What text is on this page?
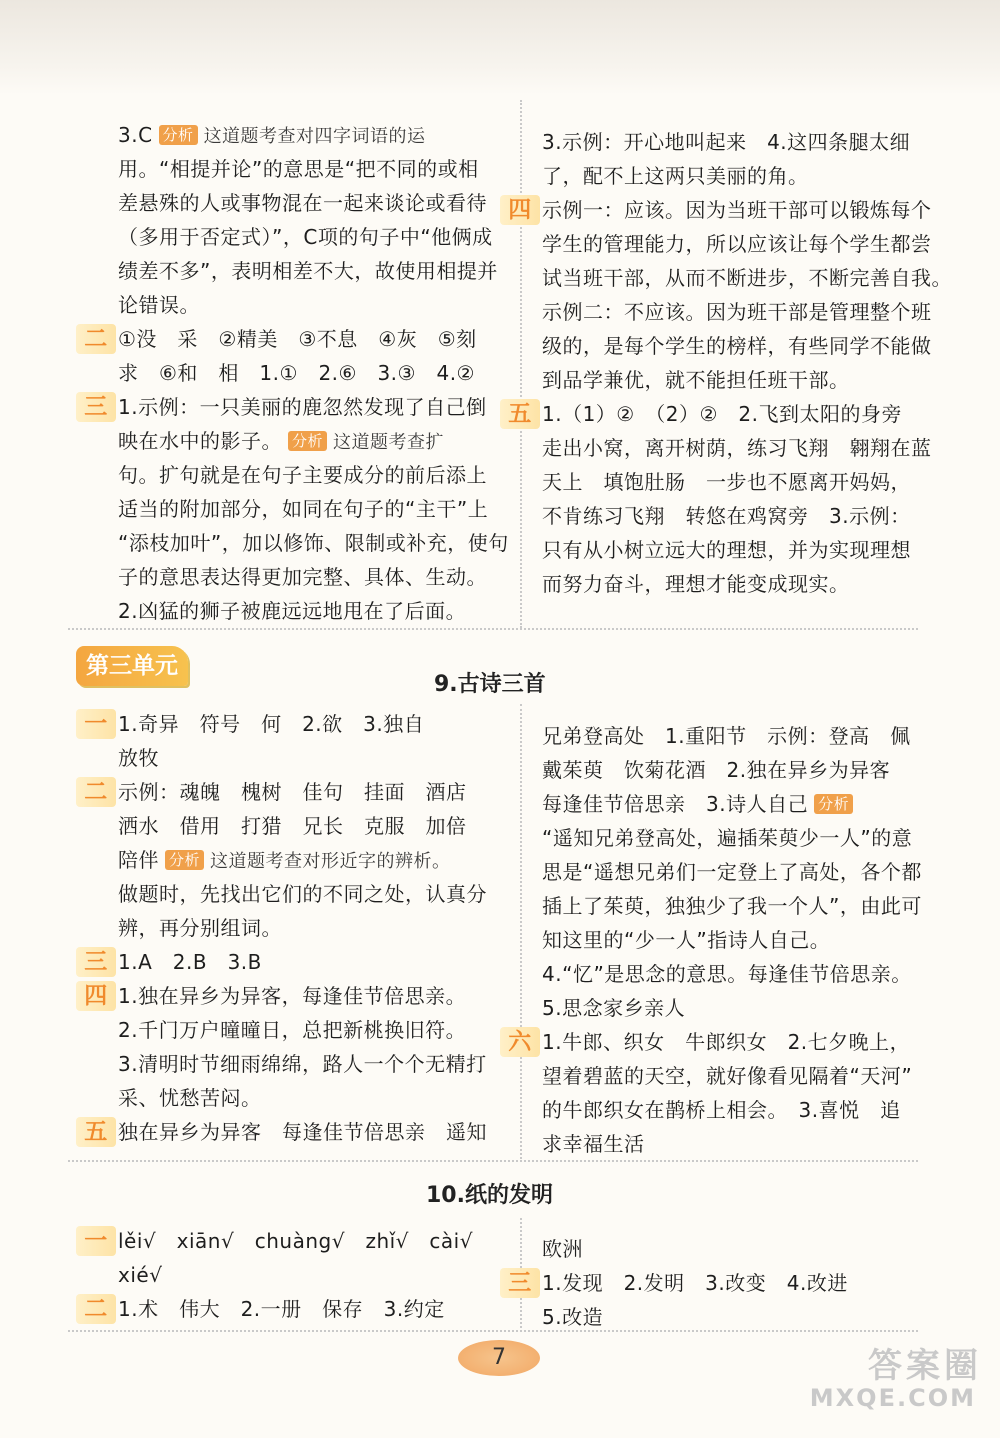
3.C 分析 这道题考查对四字词语的运
用。“相提并论”的意思是“把不同的或相
差悬殊的人或事物混在一起来谈论或看待
（多用于否定式）”，C项的句子中“他俩成
绩差不多”，表明相差不大，故使用相提并
论错误。
二 ①没　采　②精美　③不息　④灰　⑤刻
求　⑥和　相　1.①　2.⑥　3.③　4.②
三 1.示例：一只美丽的鹿忽然发现了自己倒
映在水中的影子。 分析 这道题考查扩
句。扩句就是在句子主要成分的前后添上
适当的附加部分，如同在句子的“主干”上
“添枝加叶”，加以修饰、限制或补充，使句
子的意思表达得更加完整、具体、生动。
2.凶猛的狮子被鹿远远地甩在了后面。
3.示例：开心地叫起来　4.这四条腿太细
了，配不上这两只美丽的角。
四 示例一：应该。因为当班干部可以锻炼每个
学生的管理能力，所以应该让每个学生都尝
试当班干部，从而不断进步，不断完善自我。
示例二：不应该。因为班干部是管理整个班
级的，是每个学生的榜样，有些同学不能做
到品学兼优，就不能担任班干部。
五 1.（1）②　（2）②　2.飞到太阳的身旁
走出小窝，离开树荫，练习飞翔　翱翔在蓝
天上　填饱肚肠　一步也不愿离开妈妈，
不肯练习飞翔　转悠在鸡窝旁　3.示例：
只有从小树立远大的理想，并为实现理想
而努力奋斗，理想才能变成现实。
第三单元
9.古诗三首
一 1.奇异　符号　何　2.欲　3.独自
放牧
二 示例：魂魄　槐树　佳句　挂面　酒店
洒水　借用　打猎　兄长　克服　加倍
陪伴 分析 这道题考查对形近字的辨析。
做题时，先找出它们的不同之处，认真分
辨，再分别组词。
三 1.A　2.B　3.B
四 1.独在异乡为异客，每逢佳节倍思亲。
2.千门万户曈曈日，总把新桃换旧符。
3.清明时节细雨绵绵，路人一个个无精打
采、忧愁苦闷。
五 独在异乡为异客　每逢佳节倍思亲　遥知
兄弟登高处　1.重阳节　示例：登高　佩
戴茱萸　饮菊花酒　2.独在异乡为异客
每逢佳节倍思亲　3.诗人自己 分析
“遥知兄弟登高处，遍插茱萸少一人”的意
思是“遥想兄弟们一定登上了高处，各个都
插上了茱萸，独独少了我一个人”，由此可
知这里的“少一人”指诗人自己。
4.“忆”是思念的意思。每逢佳节倍思亲。
5.思念家乡亲人
六 1.牛郎、织女　牛郎织女　2.七夕晚上，
望着碧蓝的天空，就好像看见隔着“天河”
的牛郎织女在鹊桥上相会。　3.喜悦　追
求幸福生活
10.纸的发明
一 lěi√　xiān√　chuàng√　zhǐ√　cài√
xié√
二 1.术　伟大　2.一册　保存　3.约定
欧洲
三 1.发现　2.发明　3.改变　4.改进
5.改造
7	答案圈
MXQE.COM
